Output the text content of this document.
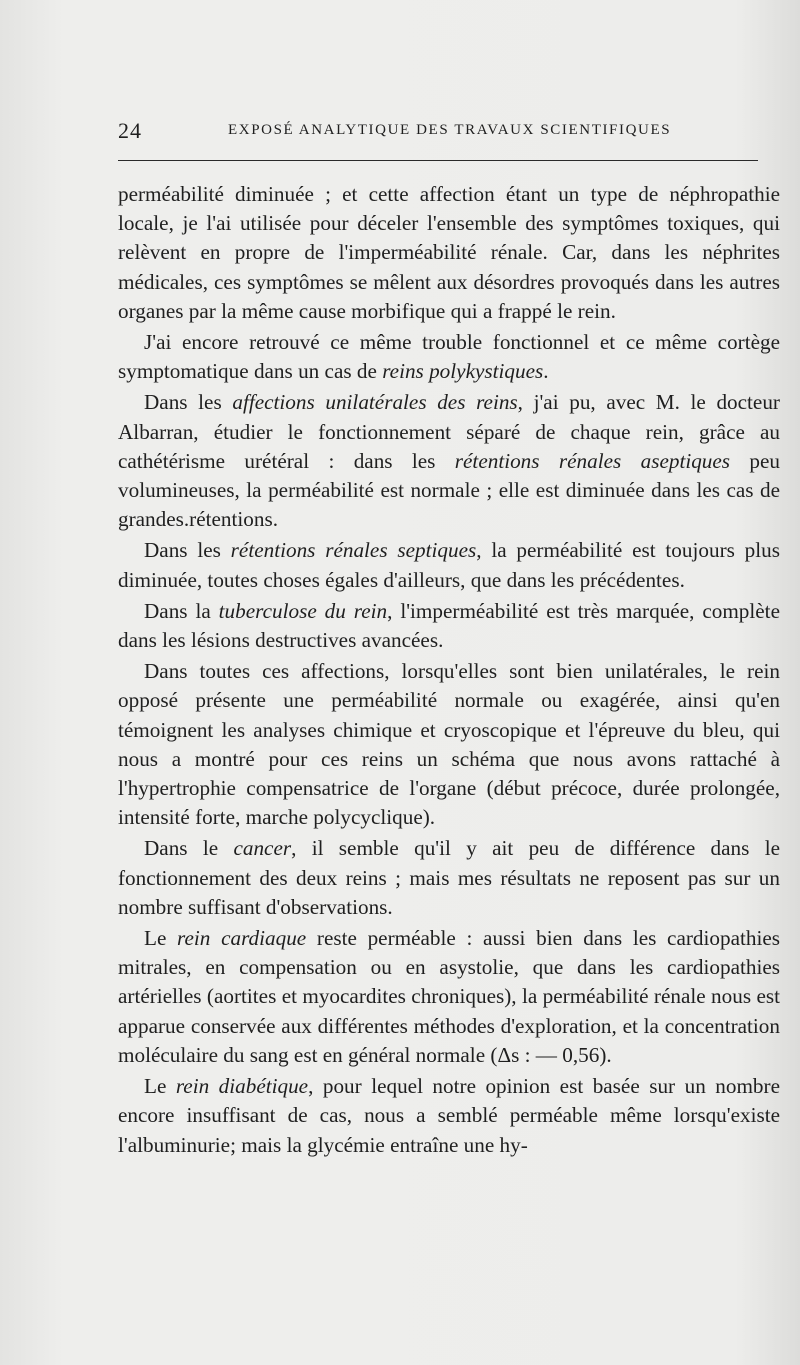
24	EXPOSÉ ANALYTIQUE DES TRAVAUX SCIENTIFIQUES

perméabilité diminuée ; et cette affection étant un type de néphropathie locale, je l'ai utilisée pour déceler l'ensemble des symptômes toxiques, qui relèvent en propre de l'imperméabilité rénale. Car, dans les néphrites médicales, ces symptômes se mêlent aux désordres provoqués dans les autres organes par la même cause morbifique qui a frappé le rein.

J'ai encore retrouvé ce même trouble fonctionnel et ce même cortège symptomatique dans un cas de reins polykystiques.

Dans les affections unilatérales des reins, j'ai pu, avec M. le docteur Albarran, étudier le fonctionnement séparé de chaque rein, grâce au cathétérisme urétéral : dans les rétentions rénales aseptiques peu volumineuses, la perméabilité est normale ; elle est diminuée dans les cas de grandes.rétentions.

Dans les rétentions rénales septiques, la perméabilité est toujours plus diminuée, toutes choses égales d'ailleurs, que dans les précédentes.

Dans la tuberculose du rein, l'imperméabilité est très marquée, complète dans les lésions destructives avancées.

Dans toutes ces affections, lorsqu'elles sont bien unilatérales, le rein opposé présente une perméabilité normale ou exagérée, ainsi qu'en témoignent les analyses chimique et cryoscopique et l'épreuve du bleu, qui nous a montré pour ces reins un schéma que nous avons rattaché à l'hypertrophie compensatrice de l'organe (début précoce, durée prolongée, intensité forte, marche polycyclique).

Dans le cancer, il semble qu'il y ait peu de différence dans le fonctionnement des deux reins ; mais mes résultats ne reposent pas sur un nombre suffisant d'observations.

Le rein cardiaque reste perméable : aussi bien dans les cardiopathies mitrales, en compensation ou en asystolie, que dans les cardiopathies artérielles (aortites et myocardites chroniques), la perméabilité rénale nous est apparue conservée aux différentes méthodes d'exploration, et la concentration moléculaire du sang est en général normale (Δs : — 0,56).

Le rein diabétique, pour lequel notre opinion est basée sur un nombre encore insuffisant de cas, nous a semblé perméable même lorsqu'existe l'albuminurie; mais la glycémie entraîne une hy-
